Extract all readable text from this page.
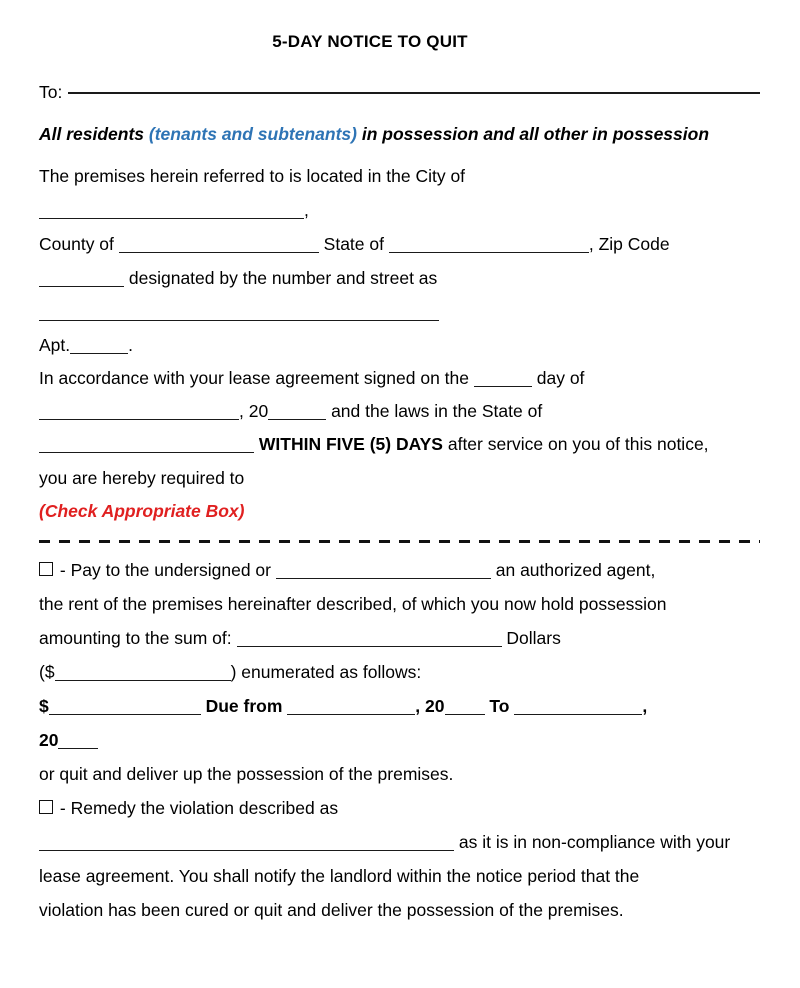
5-DAY NOTICE TO QUIT
To:
All residents (tenants and subtenants) in possession and all other in possession
The premises herein referred to is located in the City of
,
County of	State of	, Zip Code
designated by the number and street as
Apt.	.
In accordance with your lease agreement signed on the	day of
, 20	and the laws in the State of
WITHIN FIVE (5) DAYS after service on you of this notice,
you are hereby required to
(Check Appropriate Box)
- Pay to the undersigned or	an authorized agent,
the rent of the premises hereinafter described, of which you now hold possession
amounting to the sum of:	Dollars
($	) enumerated as follows:
$	Due from	, 20	To	,
20
or quit and deliver up the possession of the premises.
- Remedy the violation described as
as it is in non-compliance with your
lease agreement. You shall notify the landlord within the notice period that the
violation has been cured or quit and deliver the possession of the premises.
